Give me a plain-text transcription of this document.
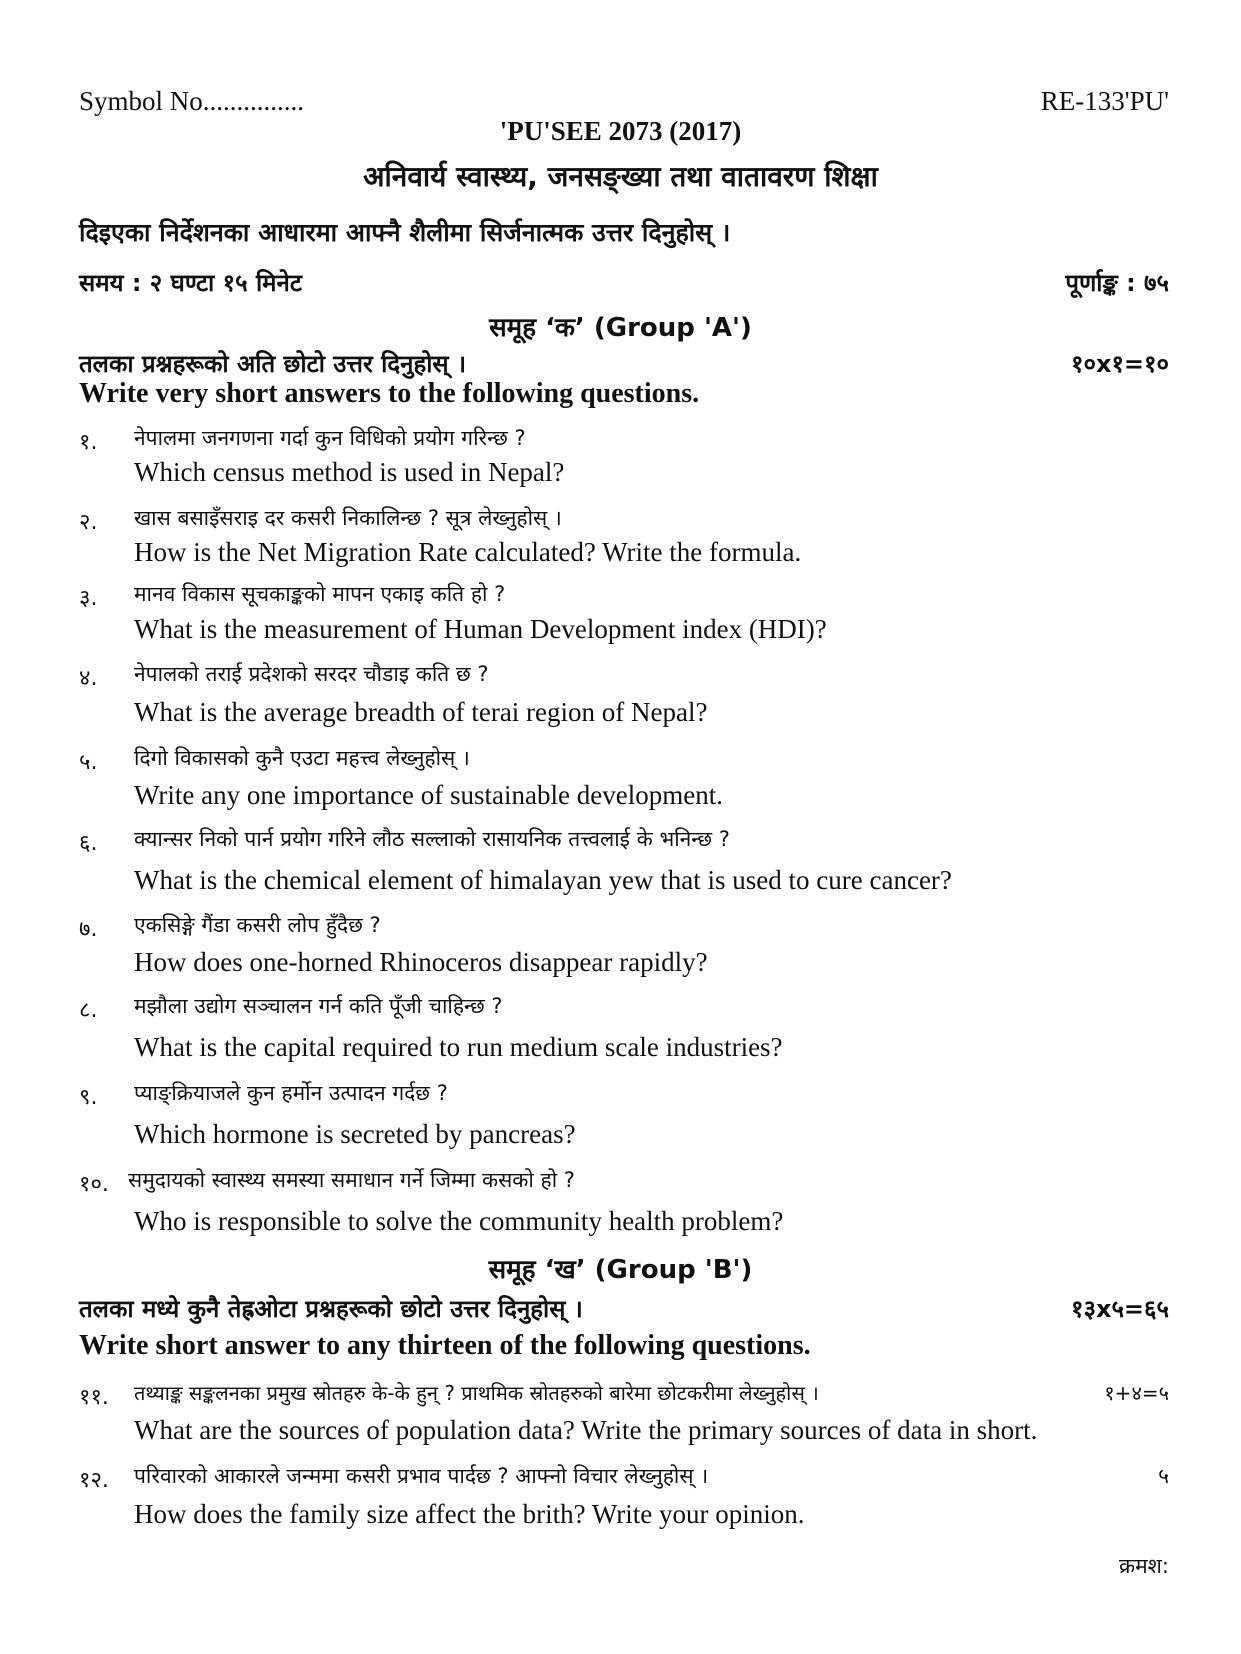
Symbol No...............	RE-133'PU'
'PU'SEE 2073 (2017)
अनिवार्य स्वास्थ्य, जनसङ्ख्या तथा वातावरण शिक्षा
दिइएका निर्देशनका आधारमा आफ्नै शैलीमा सिर्जनात्मक उत्तर दिनुहोस् ।
समय : २ घण्टा १५ मिनेट	पूर्णाङ्क : ७५
समूह ‘क’ (Group 'A')
तलका प्रश्नहरूको अति छोटो उत्तर दिनुहोस् ।	१०x१=१०
Write very short answers to the following questions.
१. नेपालमा जनगणना गर्दा कुन विधिको प्रयोग गरिन्छ ?
Which census method is used in Nepal?
२. खास बसाइँसराइ दर कसरी निकालिन्छ ? सूत्र लेख्नुहोस् ।
How is the Net Migration Rate calculated? Write the formula.
३. मानव विकास सूचकाङ्कको मापन एकाइ कति हो ?
What is the measurement of Human Development index (HDI)?
४. नेपालको तराई प्रदेशको सरदर चौडाइ कति छ ?
What is the average breadth of terai region of Nepal?
५. दिगो विकासको कुनै एउटा महत्त्व लेख्नुहोस् ।
Write any one importance of sustainable development.
६. क्यान्सर निको पार्न प्रयोग गरिने लौठ सल्लाको रासायनिक तत्त्वलाई के भनिन्छ ?
What is the chemical element of himalayan yew that is used to cure cancer?
७. एकसिङ्गे गैंडा कसरी लोप हुँदैछ ?
How does one-horned Rhinoceros disappear rapidly?
८. मझौला उद्योग सञ्चालन गर्न कति पूँजी चाहिन्छ ?
What is the capital required to run medium scale industries?
९. प्याङ्क्रियाजले कुन हर्मोन उत्पादन गर्दछ ?
Which hormone is secreted by pancreas?
१०. समुदायको स्वास्थ्य समस्या समाधान गर्ने जिम्मा कसको हो ?
Who is responsible to solve the community health problem?
समूह ‘ख’ (Group 'B')
तलका मध्ये कुनै तेह्रओटा प्रश्नहरूको छोटो उत्तर दिनुहोस् ।	१३x५=६५
Write short answer to any thirteen of the following questions.
११. तथ्याङ्क सङ्कलनका प्रमुख स्रोतहरु के-के हुन् ? प्राथमिक स्रोतहरुको बारेमा छोटकरीमा लेख्नुहोस् ।	१+४=५
What are the sources of population data? Write the primary sources of data in short.
१२. परिवारको आकारले जन्ममा कसरी प्रभाव पार्दछ ? आफ्नो विचार लेख्नुहोस् ।	५
How does the family size affect the brith? Write your opinion.
क्रमश:
